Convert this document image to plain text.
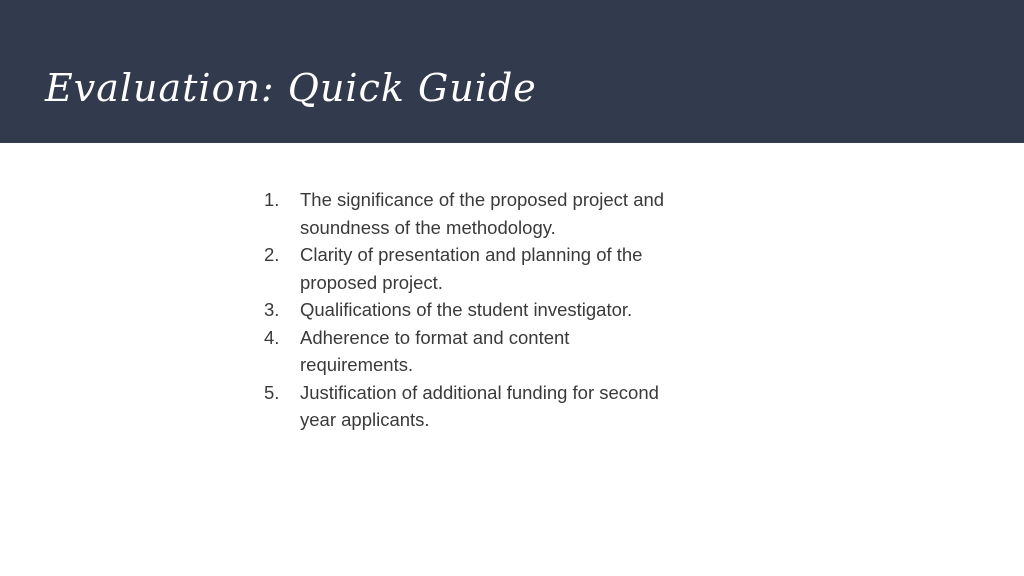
Evaluation: Quick Guide
1. The significance of the proposed project and soundness of the methodology.
2. Clarity of presentation and planning of the proposed project.
3. Qualifications of the student investigator.
4. Adherence to format and content requirements.
5. Justification of additional funding for second year applicants.
